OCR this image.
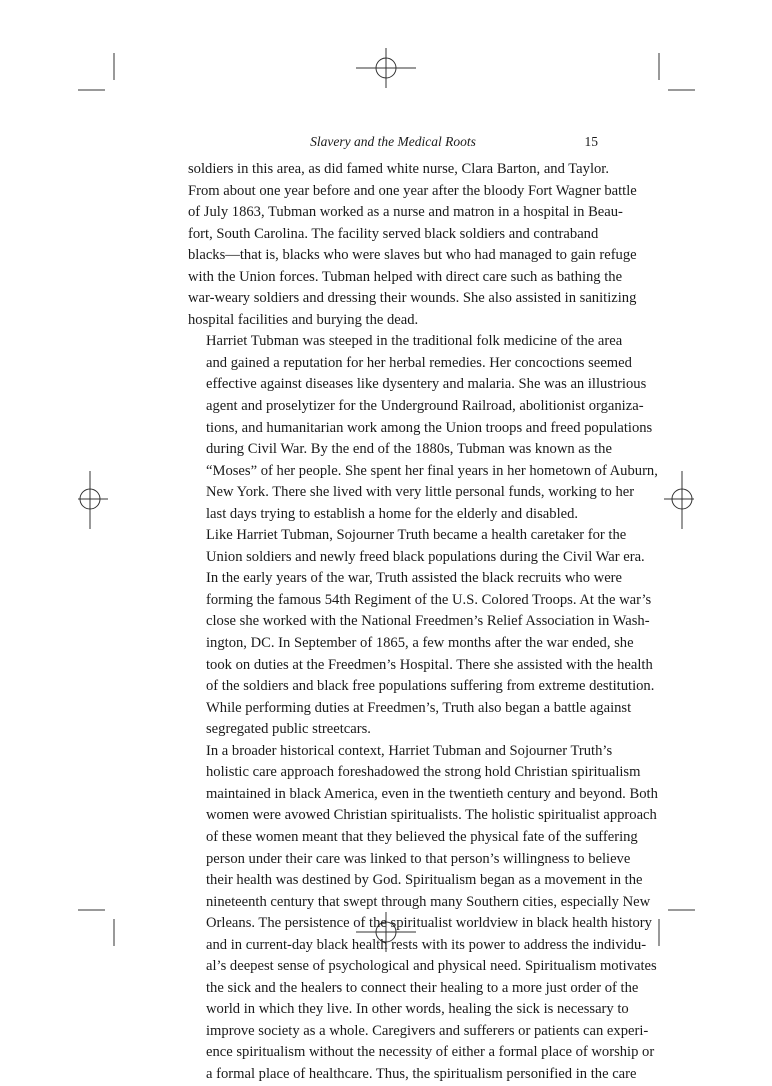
Slavery and the Medical Roots	15

soldiers in this area, as did famed white nurse, Clara Barton, and Taylor.
From about one year before and one year after the bloody Fort Wagner battle
of July 1863, Tubman worked as a nurse and matron in a hospital in Beau-
fort, South Carolina. The facility served black soldiers and contraband
blacks—that is, blacks who were slaves but who had managed to gain refuge
with the Union forces. Tubman helped with direct care such as bathing the
war-weary soldiers and dressing their wounds. She also assisted in sanitizing
hospital facilities and burying the dead.

Harriet Tubman was steeped in the traditional folk medicine of the area
and gained a reputation for her herbal remedies. Her concoctions seemed
effective against diseases like dysentery and malaria. She was an illustrious
agent and proselytizer for the Underground Railroad, abolitionist organiza-
tions, and humanitarian work among the Union troops and freed populations
during Civil War. By the end of the 1880s, Tubman was known as the
“Moses” of her people. She spent her final years in her hometown of Auburn,
New York. There she lived with very little personal funds, working to her
last days trying to establish a home for the elderly and disabled.

Like Harriet Tubman, Sojourner Truth became a health caretaker for the
Union soldiers and newly freed black populations during the Civil War era.
In the early years of the war, Truth assisted the black recruits who were
forming the famous 54th Regiment of the U.S. Colored Troops. At the war’s
close she worked with the National Freedmen’s Relief Association in Wash-
ington, DC. In September of 1865, a few months after the war ended, she
took on duties at the Freedmen’s Hospital. There she assisted with the health
of the soldiers and black free populations suffering from extreme destitution.
While performing duties at Freedmen’s, Truth also began a battle against
segregated public streetcars.

In a broader historical context, Harriet Tubman and Sojourner Truth’s
holistic care approach foreshadowed the strong hold Christian spiritualism
maintained in black America, even in the twentieth century and beyond. Both
women were avowed Christian spiritualists. The holistic spiritualist approach
of these women meant that they believed the physical fate of the suffering
person under their care was linked to that person’s willingness to believe
their health was destined by God. Spiritualism began as a movement in the
nineteenth century that swept through many Southern cities, especially New
Orleans. The persistence of the spiritualist worldview in black health history
and in current-day black health rests with its power to address the individu-
al’s deepest sense of psychological and physical need. Spiritualism motivates
the sick and the healers to connect their healing to a more just order of the
world in which they live. In other words, healing the sick is necessary to
improve society as a whole. Caregivers and sufferers or patients can experi-
ence spiritualism without the necessity of either a formal place of worship or
a formal place of healthcare. Thus, the spiritualism personified in the care
